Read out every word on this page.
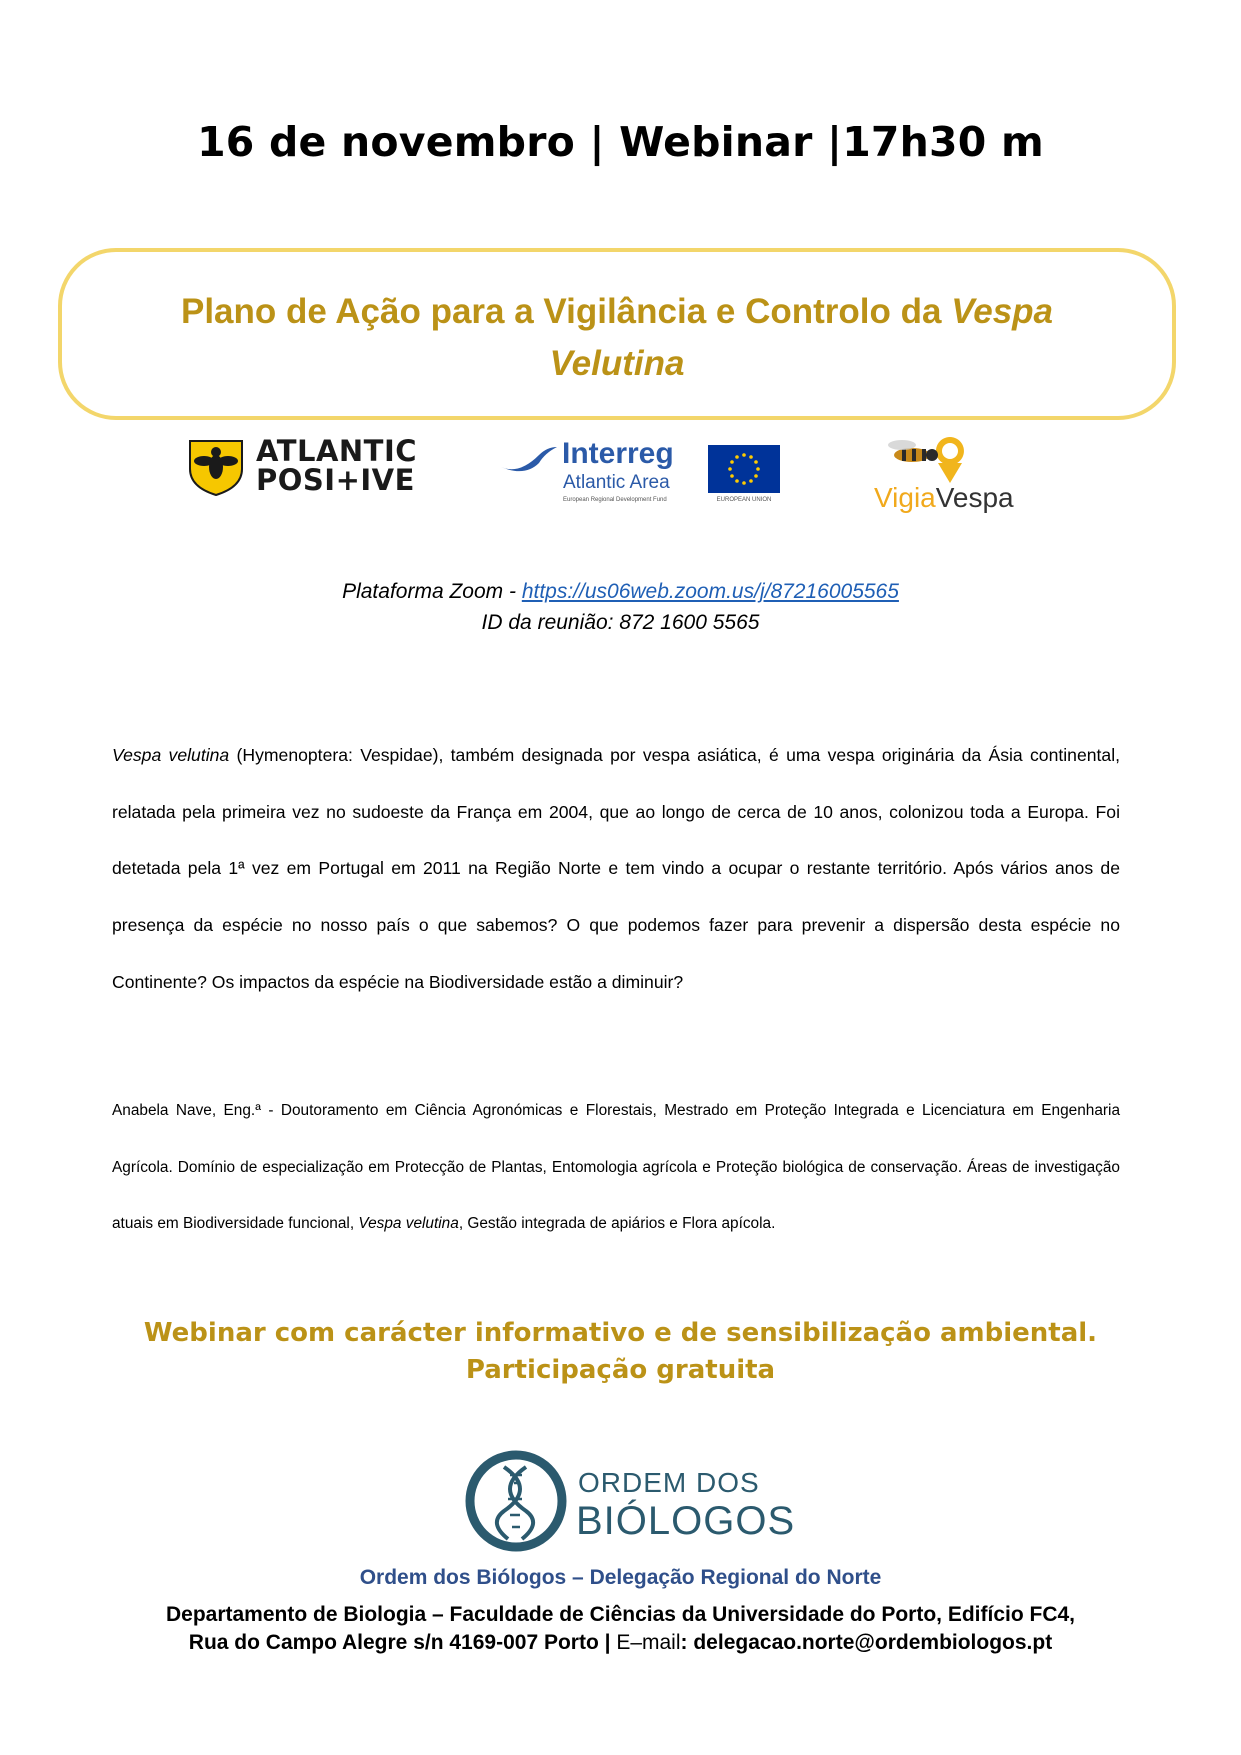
16 de novembro | Webinar |17h30 m
Plano de Ação para a Vigilância e Controlo da Vespa
Velutina
ATLANTIC
POSI+IVE
Interreg
Atlantic Area
European Regional Development Fund	EUROPEAN UNION	VigiaVespa
Plataforma Zoom - https://us06web.zoom.us/j/87216005565
ID da reunião: 872 1600 5565
Vespa velutina (Hymenoptera: Vespidae), também designada por vespa asiática, é uma vespa originária da Ásia continental, relatada pela primeira vez no sudoeste da França em 2004, que ao longo de cerca de 10 anos, colonizou toda a Europa. Foi detetada pela 1ª vez em Portugal em 2011 na Região Norte e tem vindo a ocupar o restante território. Após vários anos de presença da espécie no nosso país o que sabemos? O que podemos fazer para prevenir a dispersão desta espécie no Continente? Os impactos da espécie na Biodiversidade estão a diminuir?
Anabela Nave, Eng.ª - Doutoramento em Ciência Agronómicas e Florestais, Mestrado em Proteção Integrada e Licenciatura em Engenharia Agrícola. Domínio de especialização em Protecção de Plantas, Entomologia agrícola e Proteção biológica de conservação. Áreas de investigação atuais em Biodiversidade funcional, Vespa velutina, Gestão integrada de apiários e Flora apícola.
Webinar com carácter informativo e de sensibilização ambiental.
Participação gratuita
ORDEM DOS
BIÓLOGOS
Ordem dos Biólogos – Delegação Regional do Norte
Departamento de Biologia – Faculdade de Ciências da Universidade do Porto, Edifício FC4,
Rua do Campo Alegre s/n 4169-007 Porto | E–mail: delegacao.norte@ordembiologos.pt
